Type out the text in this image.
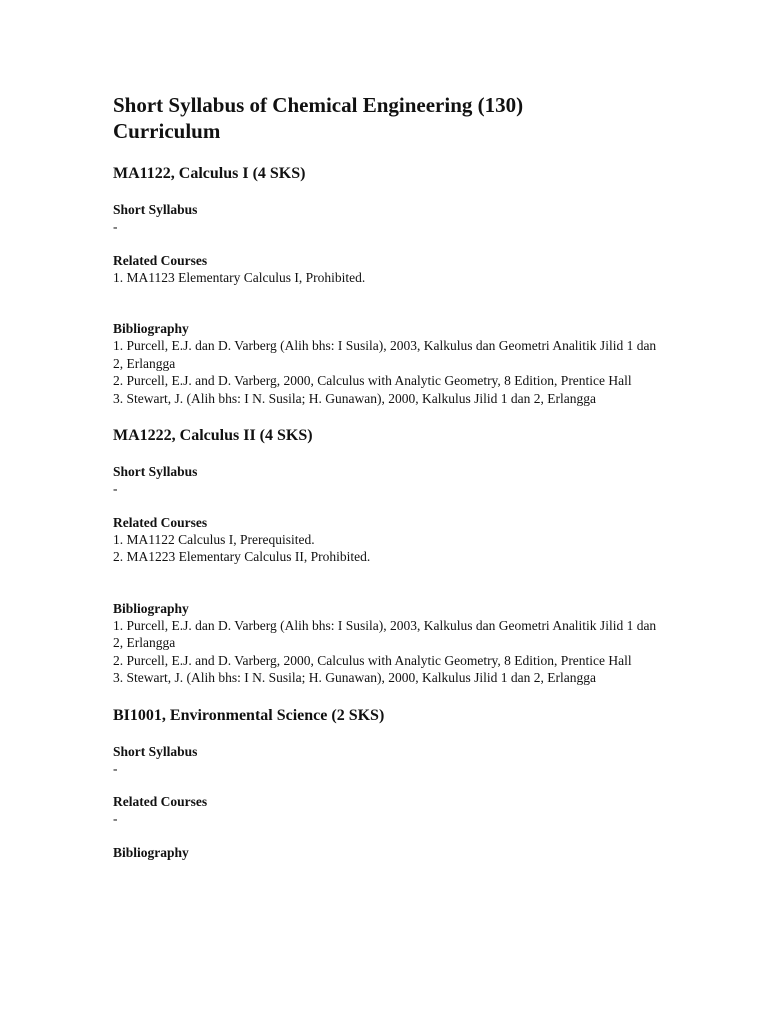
Short Syllabus of Chemical Engineering (130) Curriculum
MA1122, Calculus I (4 SKS)

Short Syllabus

-

Related Courses

1. MA1123 Elementary Calculus I, Prohibited.

Bibliography

1. Purcell, E.J. dan D. Varberg (Alih bhs: I Susila), 2003, Kalkulus dan Geometri Analitik Jilid 1 dan 2, Erlangga

2. Purcell, E.J. and D. Varberg, 2000, Calculus with Analytic Geometry, 8 Edition, Prentice Hall

3. Stewart, J. (Alih bhs: I N. Susila; H. Gunawan), 2000, Kalkulus Jilid 1 dan 2, Erlangga

MA1222, Calculus II (4 SKS)

Short Syllabus

-

Related Courses

1. MA1122 Calculus I, Prerequisited.

2. MA1223 Elementary Calculus II, Prohibited.

Bibliography

1. Purcell, E.J. dan D. Varberg (Alih bhs: I Susila), 2003, Kalkulus dan Geometri Analitik Jilid 1 dan 2, Erlangga

2. Purcell, E.J. and D. Varberg, 2000, Calculus with Analytic Geometry, 8 Edition, Prentice Hall

3. Stewart, J. (Alih bhs: I N. Susila; H. Gunawan), 2000, Kalkulus Jilid 1 dan 2, Erlangga

BI1001, Environmental Science (2 SKS)

Short Syllabus

-

Related Courses

-

Bibliography
